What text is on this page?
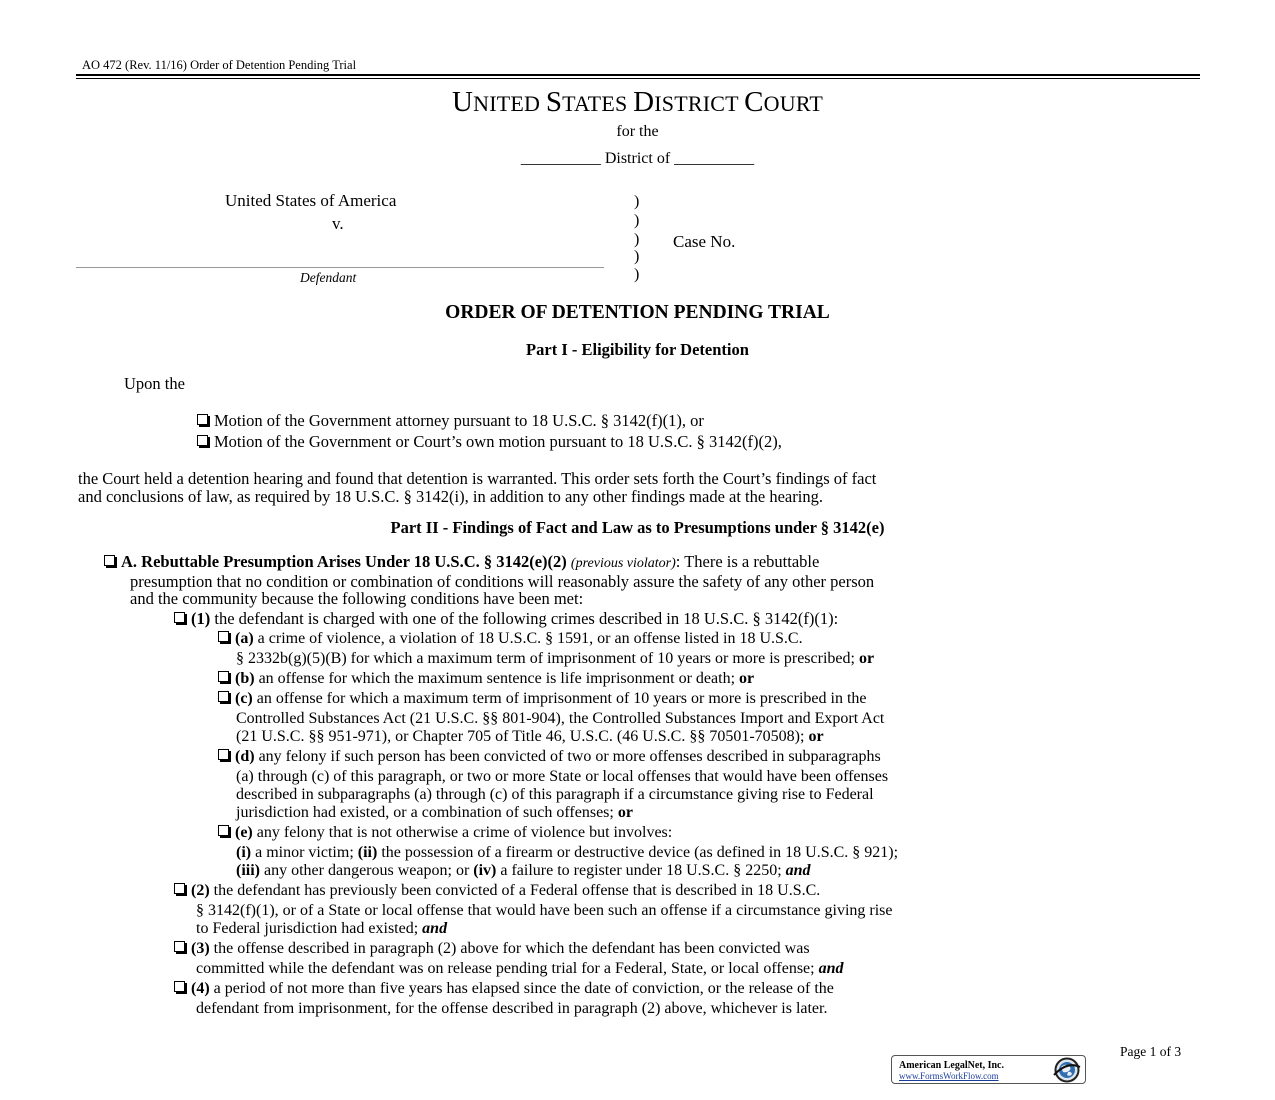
AO 472 (Rev. 11/16) Order of Detention Pending Trial
UNITED STATES DISTRICT COURT
for the
__________ District of __________
United States of America
v.
Defendant
)
)
)
)
)
Case No.
ORDER OF DETENTION PENDING TRIAL
Part I - Eligibility for Detention
Upon the
Motion of the Government attorney pursuant to 18 U.S.C. § 3142(f)(1), or
Motion of the Government or Court’s own motion pursuant to 18 U.S.C. § 3142(f)(2),
the Court held a detention hearing and found that detention is warranted. This order sets forth the Court’s findings of fact
and conclusions of law, as required by 18 U.S.C. § 3142(i), in addition to any other findings made at the hearing.
Part II - Findings of Fact and Law as to Presumptions under § 3142(e)
A. Rebuttable Presumption Arises Under 18 U.S.C. § 3142(e)(2) (previous violator): There is a rebuttable
presumption that no condition or combination of conditions will reasonably assure the safety of any other person
and the community because the following conditions have been met:
(1) the defendant is charged with one of the following crimes described in 18 U.S.C. § 3142(f)(1):
(a) a crime of violence, a violation of 18 U.S.C. § 1591, or an offense listed in 18 U.S.C.
§ 2332b(g)(5)(B) for which a maximum term of imprisonment of 10 years or more is prescribed; or
(b) an offense for which the maximum sentence is life imprisonment or death; or
(c) an offense for which a maximum term of imprisonment of 10 years or more is prescribed in the
Controlled Substances Act (21 U.S.C. §§ 801-904), the Controlled Substances Import and Export Act
(21 U.S.C. §§ 951-971), or Chapter 705 of Title 46, U.S.C. (46 U.S.C. §§ 70501-70508); or
(d) any felony if such person has been convicted of two or more offenses described in subparagraphs
(a) through (c) of this paragraph, or two or more State or local offenses that would have been offenses
described in subparagraphs (a) through (c) of this paragraph if a circumstance giving rise to Federal
jurisdiction had existed, or a combination of such offenses; or
(e) any felony that is not otherwise a crime of violence but involves:
(i) a minor victim; (ii) the possession of a firearm or destructive device (as defined in 18 U.S.C. § 921);
(iii) any other dangerous weapon; or (iv) a failure to register under 18 U.S.C. § 2250; and
(2) the defendant has previously been convicted of a Federal offense that is described in 18 U.S.C.
§ 3142(f)(1), or of a State or local offense that would have been such an offense if a circumstance giving rise
to Federal jurisdiction had existed; and
(3) the offense described in paragraph (2) above for which the defendant has been convicted was
committed while the defendant was on release pending trial for a Federal, State, or local offense; and
(4) a period of not more than five years has elapsed since the date of conviction, or the release of the
defendant from imprisonment, for the offense described in paragraph (2) above, whichever is later.
Page 1 of 3
American LegalNet, Inc.
www.FormsWorkFlow.com
